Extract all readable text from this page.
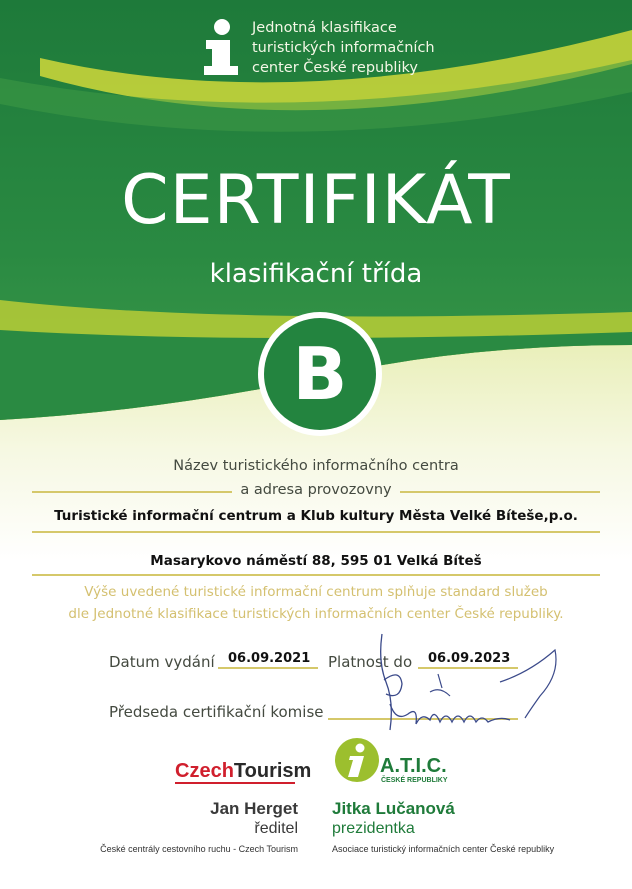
Jednotná klasifikace
turistických informačních
center České republiky
CERTIFIKÁT
klasifikační třída
B
Název turistického informačního centra
a adresa provozovny
Turistické informační centrum a Klub kultury Města Velké Bíteše,p.o.
Masarykovo náměstí 88, 595 01 Velká Bíteš
Výše uvedené turistické informační centrum splňuje standard služeb
dle Jednotné klasifikace turistických informačních center České republiky.
Datum vydání 06.09.2021 Platnost do 06.09.2023
Předseda certifikační komise
CzechTourism	A.T.I.C.
ČESKÉ REPUBLIKY
Jan Herget
ředitel
České centrály cestovního ruchu - Czech Tourism
Jitka Lučanová
prezidentka
Asociace turistický informačních center České republiky
